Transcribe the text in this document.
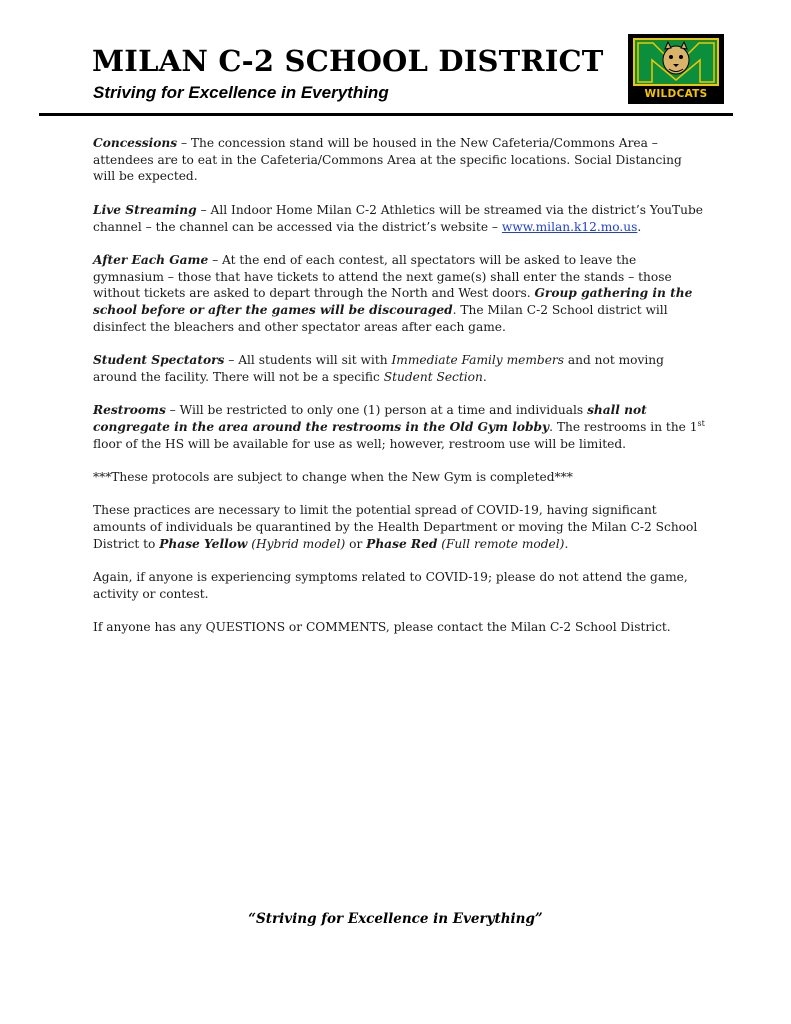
MILAN C-2 SCHOOL DISTRICT
Striving for Excellence in Everything	WILDCATS

Concessions – The concession stand will be housed in the New Cafeteria/Commons Area – attendees are to eat in the Cafeteria/Commons Area at the specific locations. Social Distancing will be expected.

Live Streaming – All Indoor Home Milan C-2 Athletics will be streamed via the district’s YouTube channel – the channel can be accessed via the district’s website – www.milan.k12.mo.us.

After Each Game – At the end of each contest, all spectators will be asked to leave the gymnasium – those that have tickets to attend the next game(s) shall enter the stands – those without tickets are asked to depart through the North and West doors. Group gathering in the school before or after the games will be discouraged. The Milan C-2 School district will disinfect the bleachers and other spectator areas after each game.

Student Spectators – All students will sit with Immediate Family members and not moving around the facility. There will not be a specific Student Section.

Restrooms – Will be restricted to only one (1) person at a time and individuals shall not congregate in the area around the restrooms in the Old Gym lobby. The restrooms in the 1st floor of the HS will be available for use as well; however, restroom use will be limited.

***These protocols are subject to change when the New Gym is completed***

These practices are necessary to limit the potential spread of COVID-19, having significant amounts of individuals be quarantined by the Health Department or moving the Milan C-2 School District to Phase Yellow (Hybrid model) or Phase Red (Full remote model).

Again, if anyone is experiencing symptoms related to COVID-19; please do not attend the game, activity or contest.

If anyone has any QUESTIONS or COMMENTS, please contact the Milan C-2 School District.

“Striving for Excellence in Everything”
